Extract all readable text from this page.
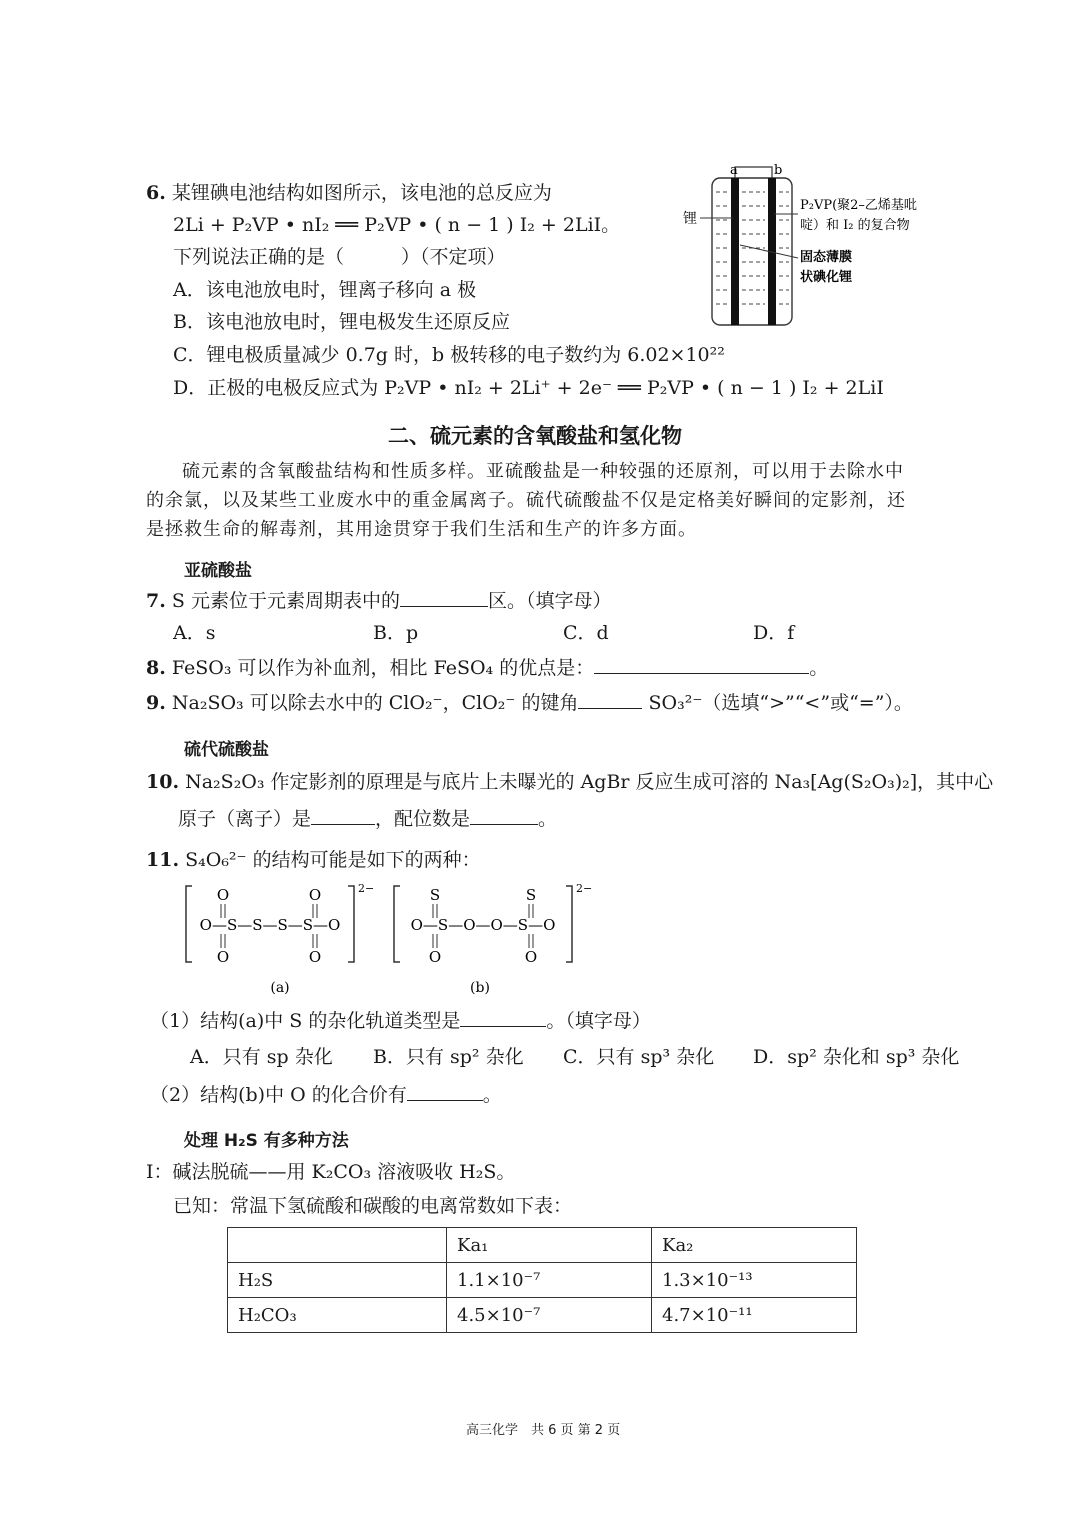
6. 某锂碘电池结构如图所示，该电池的总反应为
2Li + P₂VP • nI₂ ══ P₂VP • ( n − 1 ) I₂ + 2LiI。
下列说法正确的是（　　　）（不定项）
A．该电池放电时，锂离子移向 a 极
B．该电池放电时，锂电极发生还原反应
C．锂电极质量减少 0.7g 时，b 极转移的电子数约为 6.02×10²²
D．正极的电极反应式为 P₂VP • nI₂ + 2Li⁺ + 2e⁻ ══ P₂VP • ( n − 1 ) I₂ + 2LiI
a	b
锂
P₂VP(聚2–乙烯基吡
啶）和 I₂ 的复合物
固态薄膜
状碘化锂
二、硫元素的含氧酸盐和氢化物
硫元素的含氧酸盐结构和性质多样。亚硫酸盐是一种较强的还原剂，可以用于去除水中的余氯，以及某些工业废水中的重金属离子。硫代硫酸盐不仅是定格美好瞬间的定影剂，还是拯救生命的解毒剂，其用途贯穿于我们生活和生产的许多方面。
亚硫酸盐
7. S 元素位于元素周期表中的	区。（填字母）
A．s	B．p	C．d	D．f
8. FeSO₃ 可以作为补血剂，相比 FeSO₄ 的优点是：	。
9. Na₂SO₃ 可以除去水中的 ClO₂⁻，ClO₂⁻ 的键角	SO₃²⁻（选填“>”“<”或“=”）。
硫代硫酸盐
10. Na₂S₂O₃ 作定影剂的原理是与底片上未曝光的 AgBr 反应生成可溶的 Na₃[Ag(S₂O₃)₂]，其中心
原子（离子）是	，配位数是	。
11. S₄O₆²⁻ 的结构可能是如下的两种：
O	O
O—S—S—S—S—O
O	O
2−
(a)
S	S
O—S—O—O—S—O
O	O
2−
(b)
（1）结构(a)中 S 的杂化轨道类型是	。（填字母）
A．只有 sp 杂化 B．只有 sp² 杂化 C．只有 sp³ 杂化 D．sp² 杂化和 sp³ 杂化
（2）结构(b)中 O 的化合价有	。
处理 H₂S 有多种方法
Ⅰ：碱法脱硫——用 K₂CO₃ 溶液吸收 H₂S。
已知：常温下氢硫酸和碳酸的电离常数如下表：
	Ka₁	Ka₂
H₂S	1.1×10⁻⁷	1.3×10⁻¹³
H₂CO₃	4.5×10⁻⁷	4.7×10⁻¹¹
高三化学　共 6 页 第 2 页
